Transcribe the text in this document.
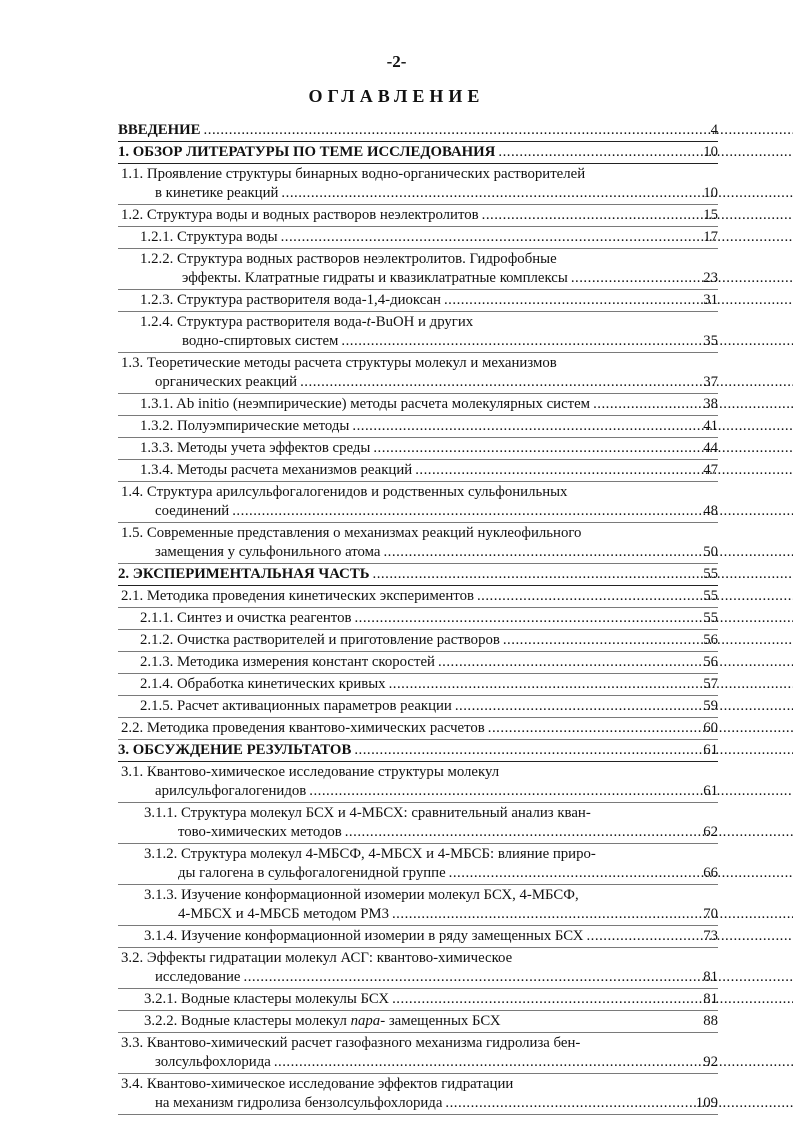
-2-
ОГЛАВЛЕНИЕ
ВВЕДЕНИЕ .....	4
1. ОБЗОР ЛИТЕРАТУРЫ ПО ТЕМЕ ИССЛЕДОВАНИЯ .....	10
1.1. Проявление структуры бинарных водно-органических растворителей
в кинетике реакций .....	10
1.2. Структура воды и водных растворов неэлектролитов .....	15
1.2.1. Структура воды .....	17
1.2.2. Структура водных растворов неэлектролитов. Гидрофобные
эффекты. Клатратные гидраты и квазиклатратные комплексы .....	23
1.2.3. Структура растворителя вода-1,4-диоксан .....	31
1.2.4. Структура растворителя вода-t-BuOH и других
водно-спиртовых систем .....	35
1.3. Теоретические методы расчета структуры молекул и механизмов
органических реакций .....	37
1.3.1. Ab initio (неэмпирические) методы расчета молекулярных систем .....	38
1.3.2. Полуэмпирические методы .....	41
1.3.3. Методы учета эффектов среды .....	44
1.3.4. Методы расчета механизмов реакций .....	47
1.4. Структура арилсульфогалогенидов и родственных сульфонильных
соединений .....	48
1.5. Современные представления о механизмах реакций нуклеофильного
замещения у сульфонильного атома .....	50
2. ЭКСПЕРИМЕНТАЛЬНАЯ ЧАСТЬ .....	55
2.1. Методика проведения кинетических экспериментов .....	55
2.1.1. Синтез и очистка реагентов .....	55
2.1.2. Очистка растворителей и приготовление растворов .....	56
2.1.3. Методика измерения констант скоростей .....	56
2.1.4. Обработка кинетических кривых .....	57
2.1.5. Расчет активационных параметров реакции .....	59
2.2. Методика проведения квантово-химических расчетов .....	60
3. ОБСУЖДЕНИЕ РЕЗУЛЬТАТОВ .....	61
3.1. Квантово-химическое исследование структуры молекул
арилсульфогалогенидов .....	61
3.1.1. Структура молекул БСХ и 4-МБСХ: сравнительный анализ кван-
тово-химических методов .....	62
3.1.2. Структура молекул 4-МБСФ, 4-МБСХ и 4-МБСБ: влияние приро-
ды галогена в сульфогалогенидной группе .....	66
3.1.3. Изучение конформационной изомерии молекул БСХ, 4-МБСФ,
4-МБСХ и 4-МБСБ методом PM3 .....	70
3.1.4. Изучение конформационной изомерии в ряду замещенных БСХ .....	73
3.2. Эффекты гидратации молекул АСГ: квантово-химическое
исследование .....	81
3.2.1. Водные кластеры молекулы БСХ .....	81
3.2.2. Водные кластеры молекул пара- замещенных БСХ	88
3.3. Квантово-химический расчет газофазного механизма гидролиза бен-
золсульфохлорида .....	92
3.4. Квантово-химическое исследование эффектов гидратации
на механизм гидролиза бензолсульфохлорида .....	109
